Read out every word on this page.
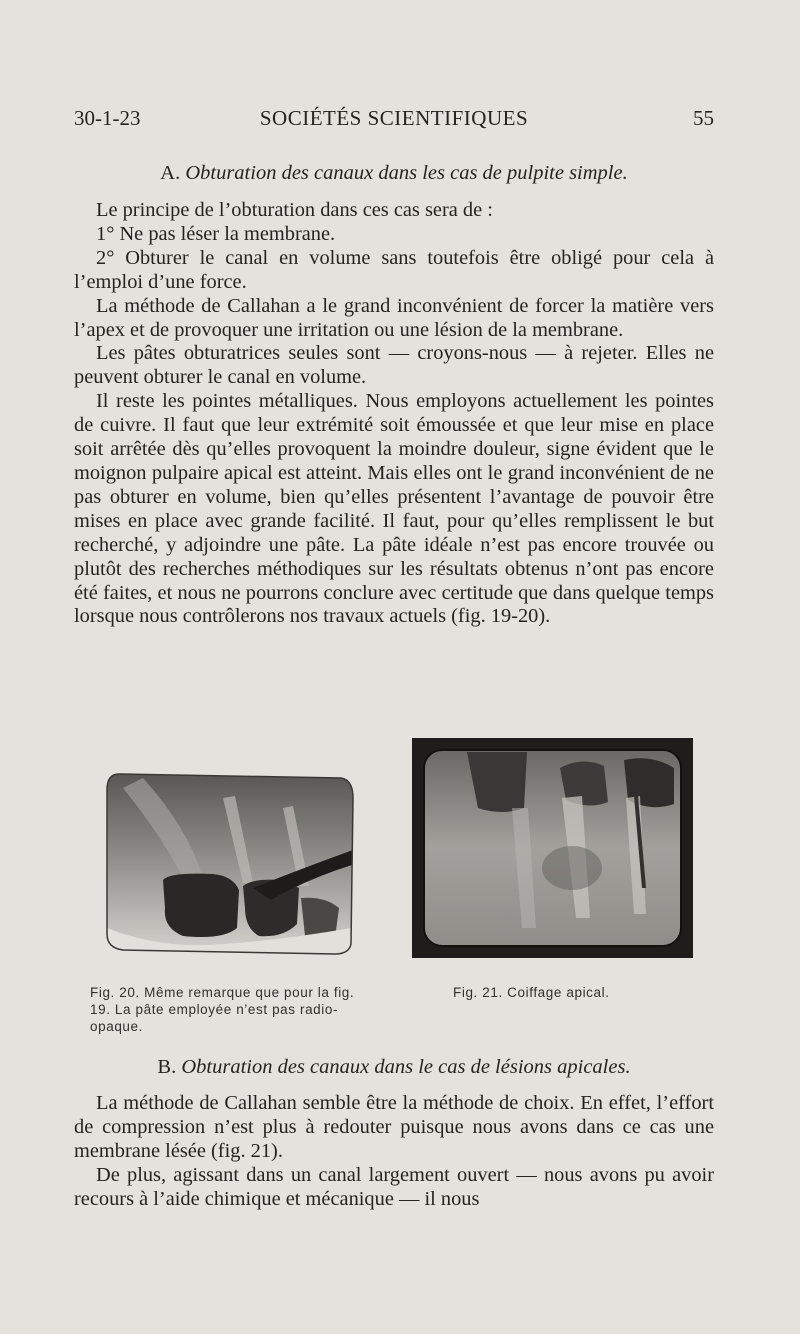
30-1-23	SOCIÉTÉS SCIENTIFIQUES	55
A. Obturation des canaux dans les cas de pulpite simple.

Le principe de l’obturation dans ces cas sera de :

1° Ne pas léser la membrane.

2° Obturer le canal en volume sans toutefois être obligé pour cela à l’emploi d’une force.

La méthode de Callahan a le grand inconvénient de forcer la matière vers l’apex et de provoquer une irritation ou une lésion de la membrane.

Les pâtes obturatrices seules sont — croyons-nous — à rejeter. Elles ne peuvent obturer le canal en volume.

Il reste les pointes métalliques. Nous employons actuellement les pointes de cuivre. Il faut que leur extrémité soit émoussée et que leur mise en place soit arrêtée dès qu’elles provoquent la moindre douleur, signe évident que le moignon pulpaire apical est atteint. Mais elles ont le grand inconvénient de ne pas obturer en volume, bien qu’elles présentent l’avantage de pouvoir être mises en place avec grande facilité. Il faut, pour qu’elles remplissent le but recherché, y adjoindre une pâte. La pâte idéale n’est pas encore trouvée ou plutôt des recherches méthodiques sur les résultats obtenus n’ont pas encore été faites, et nous ne pourrons conclure avec certitude que dans quelque temps lorsque nous contrôlerons nos travaux actuels (fig. 19-20).

Fig. 20. Même remarque que pour la fig. 19. La pâte employée n’est pas radio-opaque.
Fig. 21. Coiffage apical.
B. Obturation des canaux dans le cas de lésions apicales.

La méthode de Callahan semble être la méthode de choix. En effet, l’effort de compression n’est plus à redouter puisque nous avons dans ce cas une membrane lésée (fig. 21).

De plus, agissant dans un canal largement ouvert — nous avons pu avoir recours à l’aide chimique et mécanique — il nous
